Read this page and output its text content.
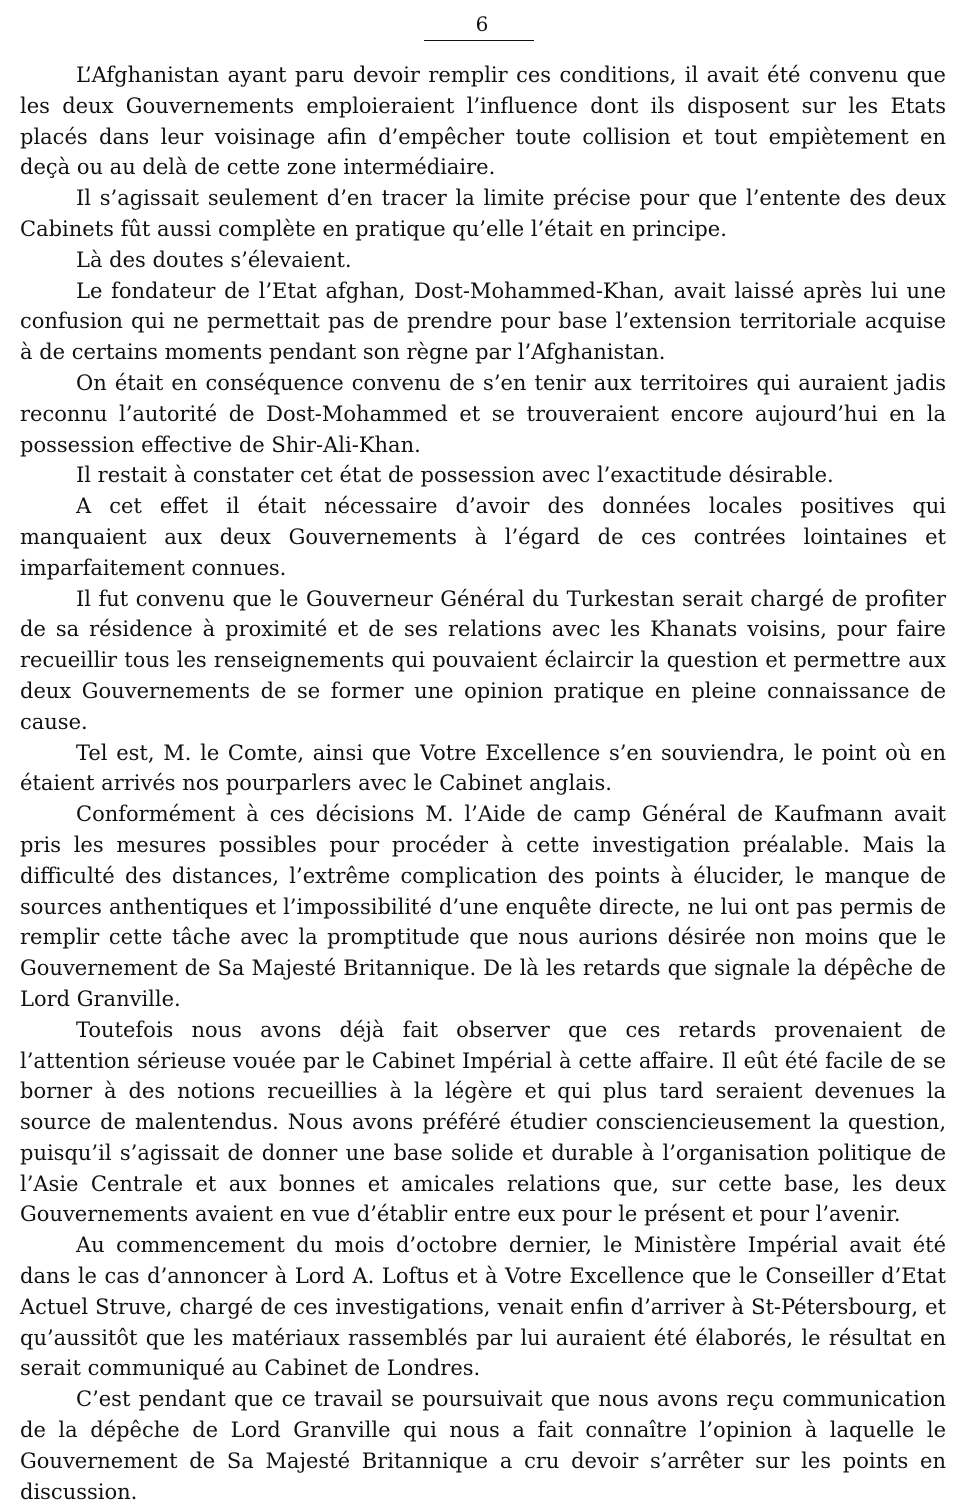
6

L’Afghanistan ayant paru devoir remplir ces conditions, il avait été convenu que les deux Gouvernements emploieraient l’influence dont ils disposent sur les Etats placés dans leur voisinage afin d’empêcher toute collision et tout empiètement en deçà ou au delà de cette zone intermédiaire.

Il s’agissait seulement d’en tracer la limite précise pour que l’entente des deux Cabinets fût aussi complète en pratique qu’elle l’était en principe.

Là des doutes s’élevaient.

Le fondateur de l’Etat afghan, Dost-Mohammed-Khan, avait laissé après lui une confusion qui ne permettait pas de prendre pour base l’extension territoriale acquise à de certains moments pendant son règne par l’Afghanistan.

On était en conséquence convenu de s’en tenir aux territoires qui auraient jadis reconnu l’autorité de Dost-Mohammed et se trouveraient encore aujourd’hui en la possession effective de Shir-Ali-Khan.

Il restait à constater cet état de possession avec l’exactitude désirable.

A cet effet il était nécessaire d’avoir des données locales positives qui manquaient aux deux Gouvernements à l’égard de ces contrées lointaines et imparfaitement connues.

Il fut convenu que le Gouverneur Général du Turkestan serait chargé de profiter de sa résidence à proximité et de ses relations avec les Khanats voisins, pour faire recueillir tous les renseignements qui pouvaient éclaircir la question et permettre aux deux Gouvernements de se former une opinion pratique en pleine connaissance de cause.

Tel est, M. le Comte, ainsi que Votre Excellence s’en souviendra, le point où en étaient arrivés nos pourparlers avec le Cabinet anglais.

Conformément à ces décisions M. l’Aide de camp Général de Kaufmann avait pris les mesures possibles pour procéder à cette investigation préalable. Mais la difficulté des distances, l’extrême complication des points à élucider, le manque de sources anthentiques et l’impossibilité d’une enquête directe, ne lui ont pas permis de remplir cette tâche avec la promptitude que nous aurions désirée non moins que le Gouvernement de Sa Majesté Britannique. De là les retards que signale la dépêche de Lord Granville.

Toutefois nous avons déjà fait observer que ces retards provenaient de l’attention sérieuse vouée par le Cabinet Impérial à cette affaire. Il eût été facile de se borner à des notions recueillies à la légère et qui plus tard seraient devenues la source de malentendus. Nous avons préféré étudier consciencieusement la question, puisqu’il s’agissait de donner une base solide et durable à l’organisation politique de l’Asie Centrale et aux bonnes et amicales relations que, sur cette base, les deux Gouvernements avaient en vue d’établir entre eux pour le présent et pour l’avenir.

Au commencement du mois d’octobre dernier, le Ministère Impérial avait été dans le cas d’annoncer à Lord A. Loftus et à Votre Excellence que le Conseiller d’Etat Actuel Struve, chargé de ces investigations, venait enfin d’arriver à St-Pétersbourg, et qu’aussitôt que les matériaux rassemblés par lui auraient été élaborés, le résultat en serait communiqué au Cabinet de Londres.

C’est pendant que ce travail se poursuivait que nous avons reçu communication de la dépêche de Lord Granville qui nous a fait connaître l’opinion à laquelle le Gouvernement de Sa Majesté Britannique a cru devoir s’arrêter sur les points en discussion.
